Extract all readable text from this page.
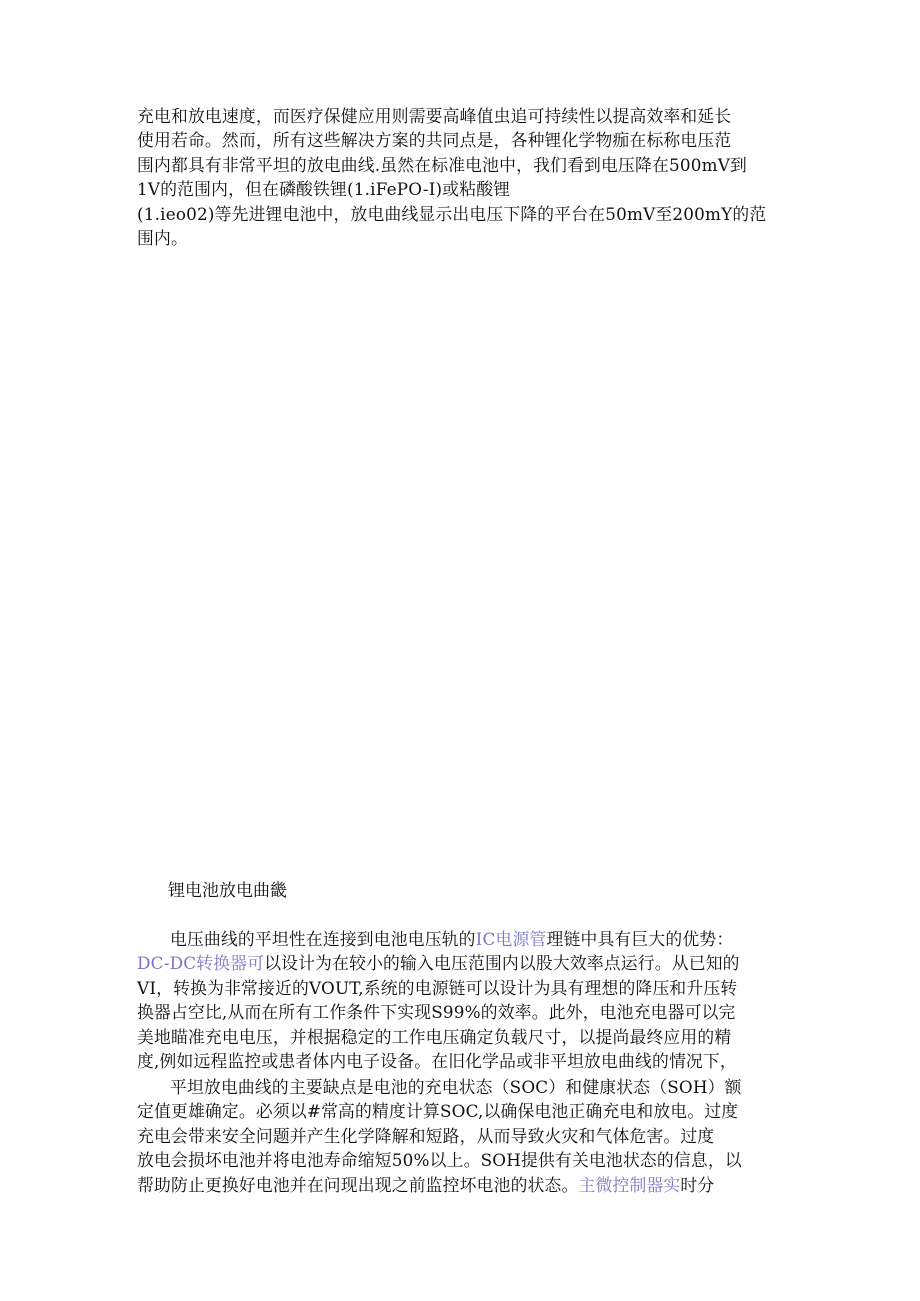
充电和放电速度，而医疗保健应用则需要高峰值虫追可持续性以提高效率和延长
使用若命。然而，所有这些解决方案的共同点是，各种锂化学物痂在标称电压范
围内都具有非常平坦的放电曲线.虽然在标准电池中，我们看到电压降在500mV到
1V的范围内，但在磷酸铁锂(1.iFePO-I)或粘酸锂
(1.ieo02)等先进锂电池中，放电曲线显示出电压下降的平台在50mV至200mY的范
围内。

锂电池放电曲畿

电压曲线的平坦性在连接到电池电压轨的IC电源管理链中具有巨大的优势：
DC-DC转换器可以设计为在较小的输入电压范围内以股大效率点运行。从已知的
VI，转换为非常接近的VOUT,系统的电源链可以设计为具有理想的降压和升压转
换器占空比,从而在所有工作条件下实现S99%的效率。此外，电池充电器可以完
美地瞄准充电电压，并根据稳定的工作电压确定负载尺寸，以提尚最终应用的精
度,例如远程监控或患者体内电子设备。在旧化学品或非平坦放电曲线的情况下，

平坦放电曲线的主要缺点是电池的充电状态（SOC）和健康状态（SOH）额
定值更雄确定。必须以#常高的精度计算SOC,以确保电池正确充电和放电。过度
充电会带来安全问题并产生化学降解和短路，从而导致火灾和气体危害。过度
放电会损坏电池并将电池寿命缩短50%以上。SOH提供有关电池状态的信息，以
帮助防止更换好电池并在问现出现之前监控坏电池的状态。主微控制器实时分
